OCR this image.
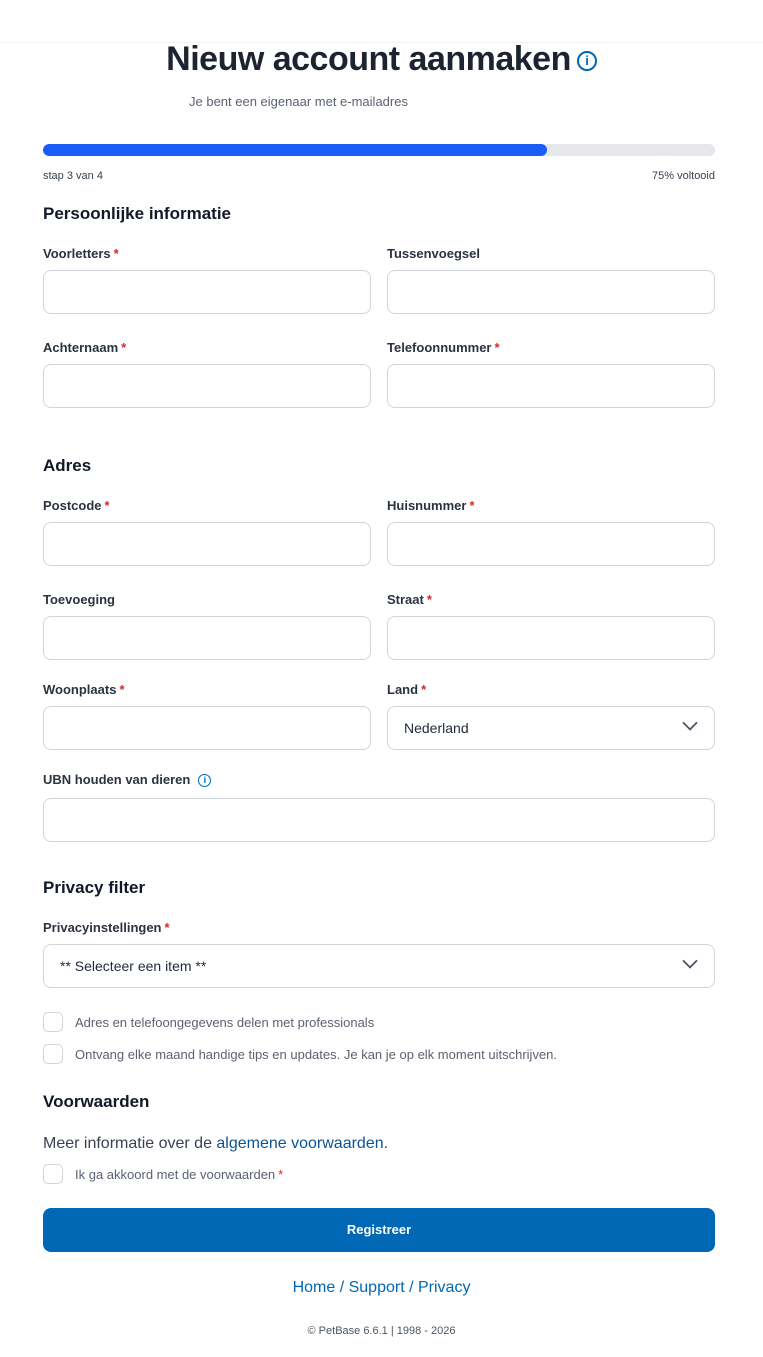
Nieuw account aanmaken i
Je bent een eigenaar met e-mailadres
stap 3 van 4	75% voltooid
Persoonlijke informatie
Voorletters *	Tussenvoegsel
Achternaam *	Telefoonnummer *
Adres
Postcode *	Huisnummer *
Toevoeging	Straat *
Woonplaats *	Land *
Nederland
UBN houden van dieren i
Privacy filter
Privacyinstellingen *
** Selecteer een item **
Adres en telefoongegevens delen met professionals
Ontvang elke maand handige tips en updates. Je kan je op elk moment uitschrijven.
Voorwaarden
Meer informatie over de algemene voorwaarden.
Ik ga akkoord met de voorwaarden *
Registreer
Home / Support / Privacy
© PetBase 6.6.1 | 1998 - 2026
